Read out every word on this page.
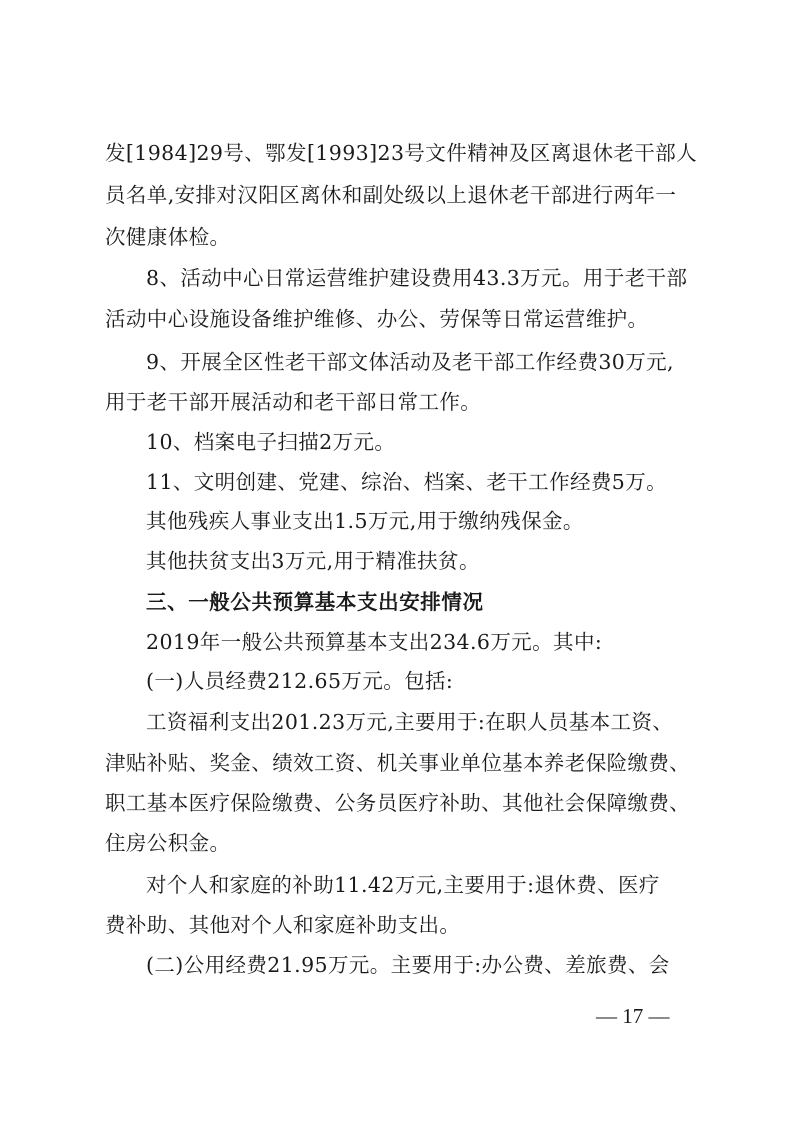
发[1984]29号、鄂发[1993]23号文件精神及区离退休老干部人

员名单,安排对汉阳区离休和副处级以上退休老干部进行两年一

次健康体检。

8、活动中心日常运营维护建设费用43.3万元。用于老干部

活动中心设施设备维护维修、办公、劳保等日常运营维护。

9、开展全区性老干部文体活动及老干部工作经费30万元,

用于老干部开展活动和老干部日常工作。

10、档案电子扫描2万元。

11、文明创建、党建、综治、档案、老干工作经费5万。

其他残疾人事业支出1.5万元,用于缴纳残保金。

其他扶贫支出3万元,用于精准扶贫。

三、一般公共预算基本支出安排情况

2019年一般公共预算基本支出234.6万元。其中:

(一)人员经费212.65万元。包括:

工资福利支出201.23万元,主要用于:在职人员基本工资、

津贴补贴、奖金、绩效工资、机关事业单位基本养老保险缴费、

职工基本医疗保险缴费、公务员医疗补助、其他社会保障缴费、

住房公积金。

对个人和家庭的补助11.42万元,主要用于:退休费、医疗

费补助、其他对个人和家庭补助支出。

(二)公用经费21.95万元。主要用于:办公费、差旅费、会

— 17 —
